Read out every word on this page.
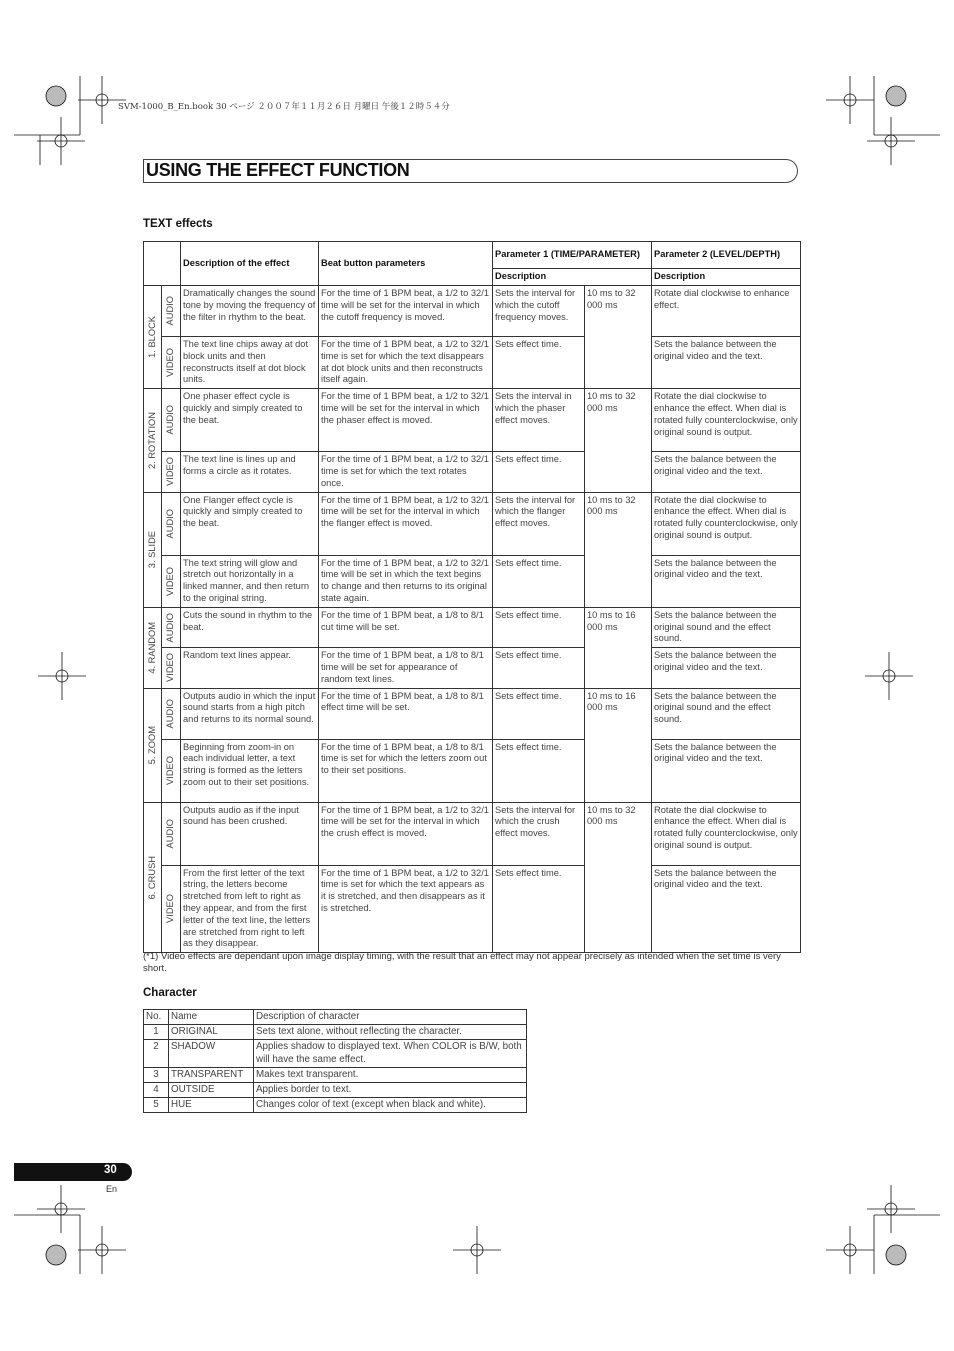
SVM-1000_B_En.book 30 ページ ２００７年１１月２６日 月曜日 午後１２時５４分
USING THE EFFECT FUNCTION
TEXT effects
		Description of the effect	Beat button parameters	Parameter 1 (TIME/PARAMETER)		Parameter 2 (LEVEL/DEPTH)
				Description		Description

1. BLOCK	AUDIO	Dramatically changes the sound tone by moving the frequency of the filter in rhythm to the beat.	For the time of 1 BPM beat, a 1/2 to 32/1 time will be set for the interval in which the cutoff frequency is moved.	Sets the interval for which the cutoff frequency moves.	10 ms to 32 000 ms	Rotate dial clockwise to enhance effect.

	VIDEO	The text line chips away at dot block units and then reconstructs itself at dot block units.	For the time of 1 BPM beat, a 1/2 to 32/1 time is set for which the text disappears at dot block units and then reconstructs itself again.	Sets effect time.		Sets the balance between the original video and the text.

2. ROTATION	AUDIO	One phaser effect cycle is quickly and simply created to the beat.	For the time of 1 BPM beat, a 1/2 to 32/1 time will be set for the interval in which the phaser effect is moved.	Sets the interval in which the phaser effect moves.	10 ms to 32 000 ms	Rotate the dial clockwise to enhance the effect. When dial is rotated fully counterclockwise, only original sound is output.

	VIDEO	The text line is lines up and forms a circle as it rotates.	For the time of 1 BPM beat, a 1/2 to 32/1 time is set for which the text rotates once.	Sets effect time.		Sets the balance between the original video and the text.

3. SLIDE	AUDIO	One Flanger effect cycle is quickly and simply created to the beat.	For the time of 1 BPM beat, a 1/2 to 32/1 time will be set for the interval in which the flanger effect is moved.	Sets the interval for which the flanger effect moves.	10 ms to 32 000 ms	Rotate the dial clockwise to enhance the effect. When dial is rotated fully counterclockwise, only original sound is output.

	VIDEO	The text string will glow and stretch out horizontally in a linked manner, and then return to the original string.	For the time of 1 BPM beat, a 1/2 to 32/1 time will be set in which the text begins to change and then returns to its original state again.	Sets effect time.		Sets the balance between the original video and the text.

4. RANDOM	AUDIO	Cuts the sound in rhythm to the beat.	For the time of 1 BPM beat, a 1/8 to 8/1 cut time will be set.	Sets effect time.	10 ms to 16 000 ms	Sets the balance between the original sound and the effect sound.

	VIDEO	Random text lines appear.	For the time of 1 BPM beat, a 1/8 to 8/1 time will be set for appearance of random text lines.	Sets effect time.		Sets the balance between the original video and the text.

5. ZOOM	AUDIO	Outputs audio in which the input sound starts from a high pitch and returns to its normal sound.	For the time of 1 BPM beat, a 1/8 to 8/1 effect time will be set.	Sets effect time.	10 ms to 16 000 ms	Sets the balance between the original sound and the effect sound.

	VIDEO	Beginning from zoom-in on each individual letter, a text string is formed as the letters zoom out to their set positions.	For the time of 1 BPM beat, a 1/8 to 8/1 time is set for which the letters zoom out to their set positions.	Sets effect time.		Sets the balance between the original video and the text.

6. CRUSH	AUDIO	Outputs audio as if the input sound has been crushed.	For the time of 1 BPM beat, a 1/2 to 32/1 time will be set for the interval in which the crush effect is moved.	Sets the interval for which the crush effect moves.	10 ms to 32 000 ms	Rotate the dial clockwise to enhance the effect. When dial is rotated fully counterclockwise, only original sound is output.

	VIDEO	From the first letter of the text string, the letters become stretched from left to right as they appear, and from the first letter of the text line, the letters are stretched from right to left as they disappear.	For the time of 1 BPM beat, a 1/2 to 32/1 time is set for which the text appears as it is stretched, and then disappears as it is stretched.	Sets effect time.		Sets the balance between the original video and the text.
(*1) Video effects are dependant upon image display timing, with the result that an effect may not appear precisely as intended when the set time is very short.
Character
No.	Name	Description of character
1	ORIGINAL	Sets text alone, without reflecting the character.
2	SHADOW	Applies shadow to displayed text. When COLOR is B/W, both will have the same effect.
3	TRANSPARENT	Makes text transparent.
4	OUTSIDE	Applies border to text.
5	HUE	Changes color of text (except when black and white).
30
En
